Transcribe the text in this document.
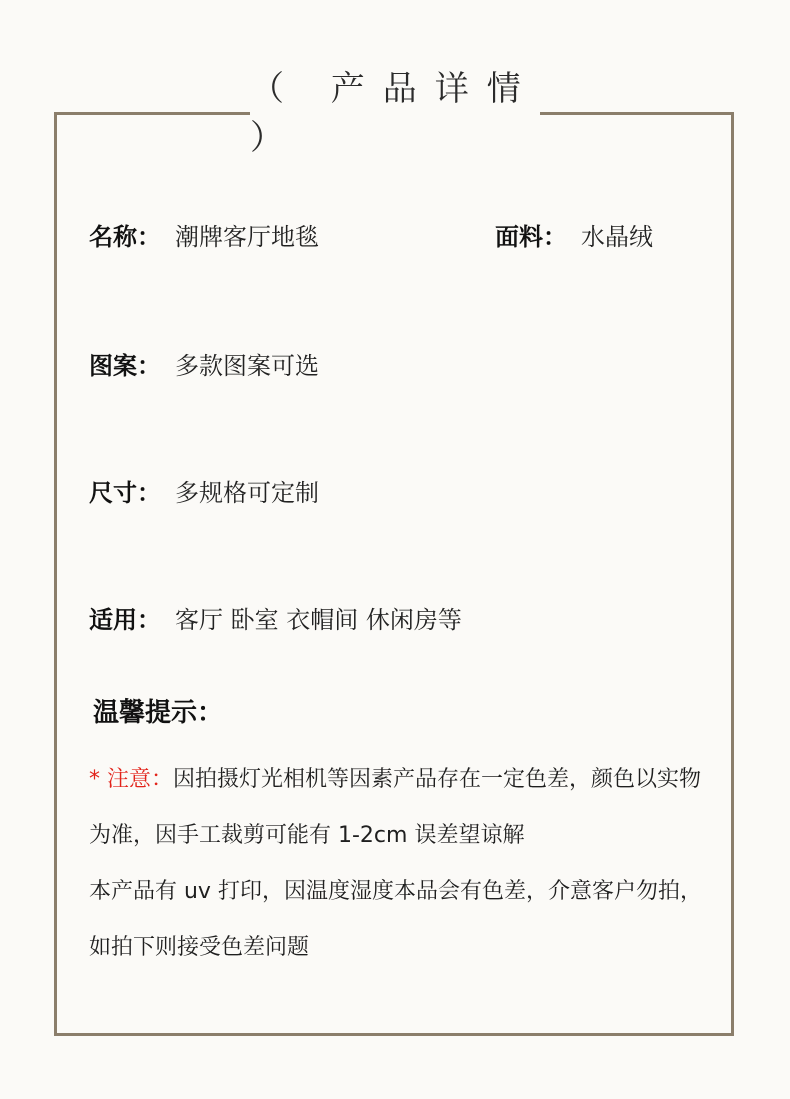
（ 产品详情 ）
名称： 潮牌客厅地毯	面料： 水晶绒
图案： 多款图案可选
尺寸： 多规格可定制
适用： 客厅 卧室 衣帽间 休闲房等
温馨提示：
* 注意：因拍摄灯光相机等因素产品存在一定色差，颜色以实物为准，因手工裁剪可能有 1-2cm 误差望谅解
本产品有 uv 打印，因温度湿度本品会有色差，介意客户勿拍，如拍下则接受色差问题
